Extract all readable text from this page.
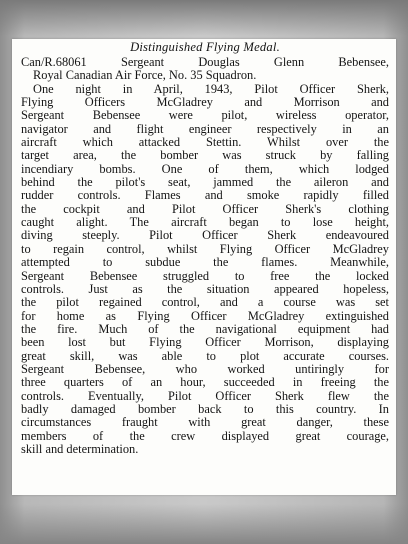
Distinguished Flying Medal.
Can/R.68061 Sergeant Douglas Glenn Bebensee,
Royal Canadian Air Force, No. 35 Squadron.
One night in April, 1943, Pilot Officer Sherk,
Flying Officers McGladrey and Morrison and
Sergeant Bebensee were pilot, wireless operator,
navigator and flight engineer respectively in an
aircraft which attacked Stettin. Whilst over the
target area, the bomber was struck by falling
incendiary bombs. One of them, which lodged
behind the pilot's seat, jammed the aileron and
rudder controls. Flames and smoke rapidly filled
the cockpit and Pilot Officer Sherk's clothing
caught alight. The aircraft began to lose height,
diving steeply. Pilot Officer Sherk endeavoured
to regain control, whilst Flying Officer McGladrey
attempted to subdue the flames. Meanwhile,
Sergeant Bebensee struggled to free the locked
controls. Just as the situation appeared hopeless,
the pilot regained control, and a course was set
for home as Flying Officer McGladrey extinguished
the fire. Much of the navigational equipment had
been lost but Flying Officer Morrison, displaying
great skill, was able to plot accurate courses.
Sergeant Bebensee, who worked untiringly for
three quarters of an hour, succeeded in freeing the
controls. Eventually, Pilot Officer Sherk flew the
badly damaged bomber back to this country. In
circumstances fraught with great danger, these
members of the crew displayed great courage,
skill and determination.
